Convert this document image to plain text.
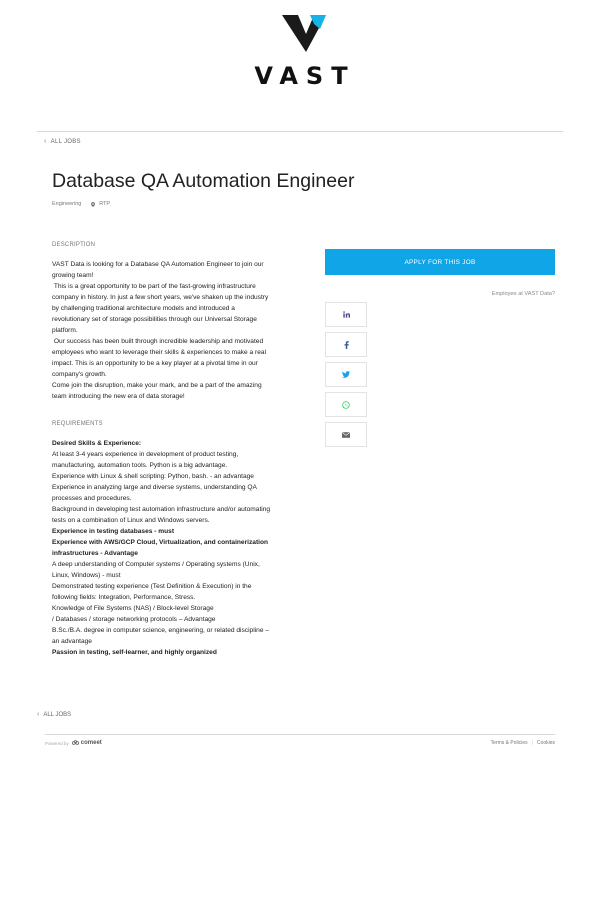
VAST
‹ ALL JOBS
Database QA Automation Engineer
Engineering · RTP
DESCRIPTION

VAST Data is looking for a Database QA Automation Engineer to join our growing team!

This is a great opportunity to be part of the fast-growing infrastructure company in history. In just a few short years, we've shaken up the industry by challenging traditional architecture models and introduced a revolutionary set of storage possibilities through our Universal Storage platform.

Our success has been built through incredible leadership and motivated employees who want to leverage their skills & experiences to make a real impact. This is an opportunity to be a key player at a pivotal time in our company's growth.

Come join the disruption, make your mark, and be a part of the amazing team introducing the new era of data storage!

REQUIREMENTS

Desired Skills & Experience:

At least 3-4 years experience in development of product testing, manufacturing, automation tools. Python is a big advantage.

Experience with Linux & shell scripting: Python, bash. - an advantage

Experience in analyzing large and diverse systems, understanding QA processes and procedures.

Background in developing test automation infrastructure and/or automating tests on a combination of Linux and Windows servers.

Experience in testing databases - must

Experience with AWS/GCP Cloud, Virtualization, and containerization infrastructures - Advantage

A deep understanding of Computer systems / Operating systems (Unix, Linux, Windows) - must

Demonstrated testing experience (Test Definition & Execution) in the following fields: Integration, Performance, Stress.

Knowledge of File Systems (NAS) / Block-level Storage

/ Databases / storage networking protocols – Advantage

B.Sc./B.A. degree in computer science, engineering, or related discipline – an advantage

Passion in testing, self-learner, and highly organized

APPLY FOR THIS JOB
Employee at VAST Data?
‹ ALL JOBS
Powered by comeet	Terms & Policies | Cookies
